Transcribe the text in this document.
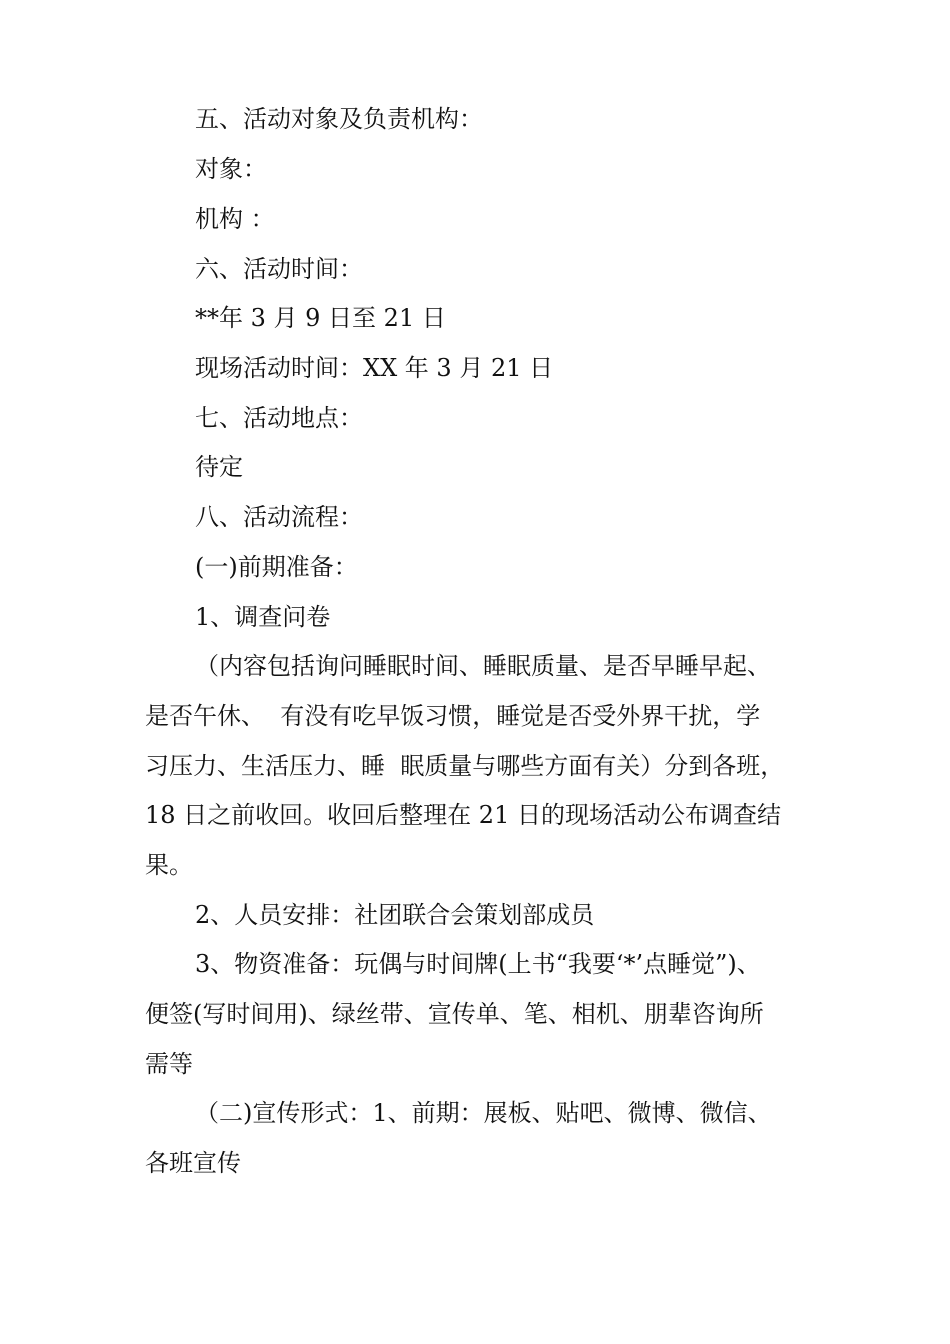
五、活动对象及负责机构：

对象：

机构 ：

六、活动时间：

**年 3 月 9 日至 21 日

现场活动时间：XX 年 3 月 21 日

七、活动地点：

待定

八、活动流程：

(一)前期准备：

1、调查问卷

（内容包括询问睡眠时间、睡眠质量、是否早睡早起、

是否午休、  有没有吃早饭习惯，睡觉是否受外界干扰，学

习压力、生活压力、睡  眠质量与哪些方面有关）分到各班，

18 日之前收回。收回后整理在 21 日的现场活动公布调查结

果。

2、人员安排：社团联合会策划部成员

3、物资准备：玩偶与时间牌(上书“我要‘*’点睡觉”)、

便签(写时间用)、绿丝带、宣传单、笔、相机、朋辈咨询所

需等

（二)宣传形式：1、前期：展板、贴吧、微博、微信、

各班宣传
